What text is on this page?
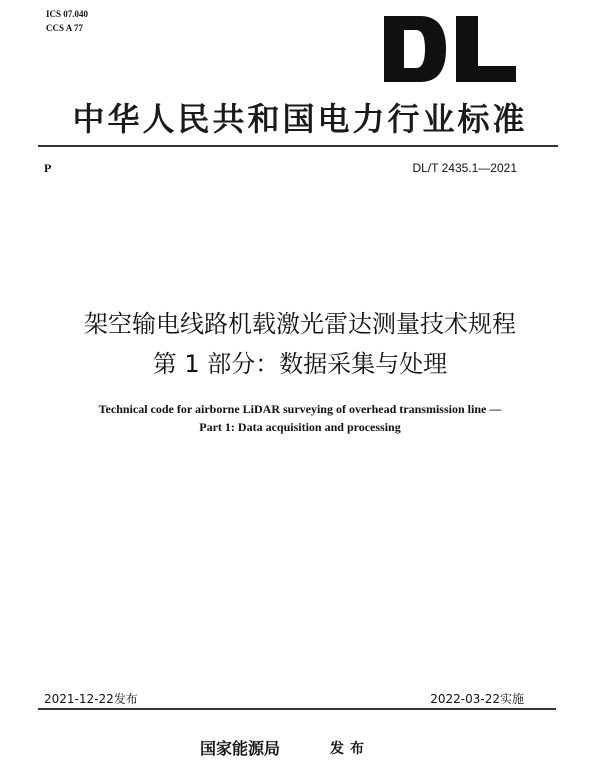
ICS 07.040
CCS A 77
中华人民共和国电力行业标准
P	DL/T 2435.1—2021
架空输电线路机载激光雷达测量技术规程
第 1 部分：数据采集与处理
Technical code for airborne LiDAR surveying of overhead transmission line —
Part 1: Data acquisition and processing
2021-12-22发布	2022-03-22实施
国家能源局	发布
